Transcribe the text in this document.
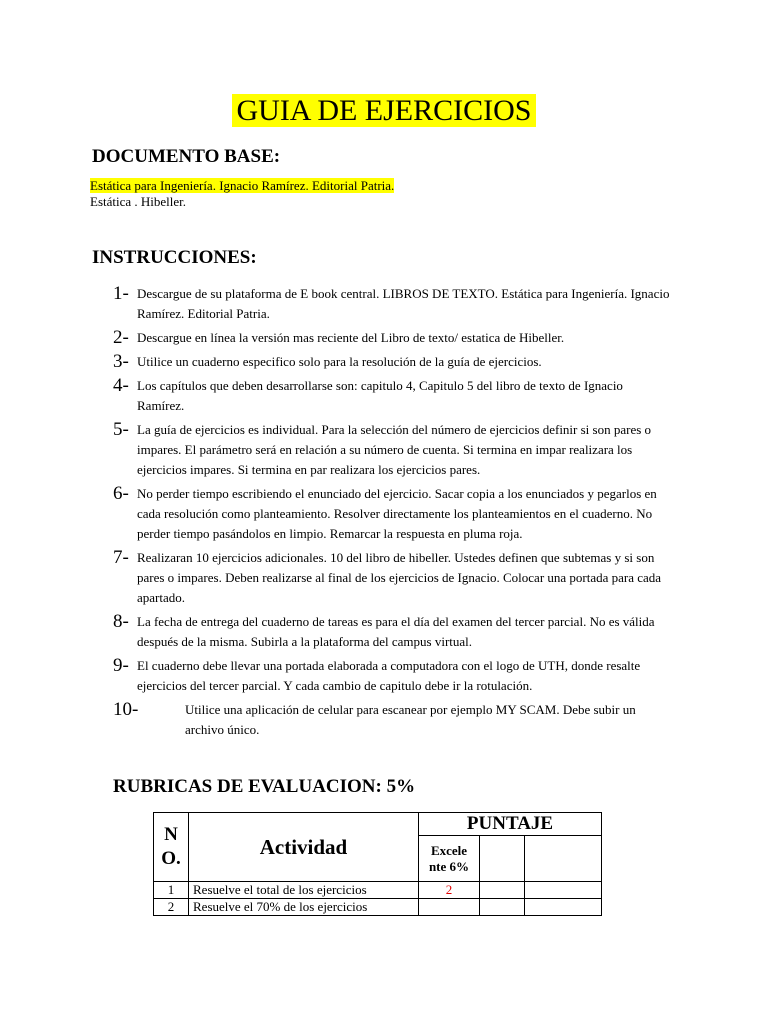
GUIA DE EJERCICIOS
DOCUMENTO BASE:
Estática para Ingeniería. Ignacio Ramírez. Editorial Patria.
Estática . Hibeller.
INSTRUCCIONES:
1- Descargue de su plataforma de E book central. LIBROS DE TEXTO. Estática para Ingeniería. Ignacio Ramírez. Editorial Patria.
2- Descargue en línea la versión mas reciente del Libro de texto/ estatica de Hibeller.
3- Utilice un cuaderno especifico solo para la resolución de la guía de ejercicios.
4- Los capítulos que deben desarrollarse son: capitulo 4, Capitulo 5 del libro de texto de Ignacio Ramírez.
5- La guía de ejercicios es individual. Para la selección del número de ejercicios definir si son pares o impares. El parámetro será en relación a su número de cuenta. Si termina en impar realizara los ejercicios impares. Si termina en par realizara los ejercicios pares.
6- No perder tiempo escribiendo el enunciado del ejercicio. Sacar copia a los enunciados y pegarlos en cada resolución como planteamiento. Resolver directamente los planteamientos en el cuaderno. No perder tiempo pasándolos en limpio. Remarcar la respuesta en pluma roja.
7- Realizaran 10 ejercicios adicionales. 10 del libro de hibeller. Ustedes definen que subtemas y si son pares o impares. Deben realizarse al final de los ejercicios de Ignacio. Colocar una portada para cada apartado.
8- La fecha de entrega del cuaderno de tareas es para el día del examen del tercer parcial. No es válida después de la misma. Subirla a la plataforma del campus virtual.
9- El cuaderno debe llevar una portada elaborada a computadora con el logo de UTH, donde resalte ejercicios del tercer parcial. Y cada cambio de capitulo debe ir la rotulación.
10-	Utilice una aplicación de celular para escanear por ejemplo MY SCAM. Debe subir un archivo único.
RUBRICAS DE EVALUACION: 5%
N O.	Actividad	PUNTAJE		
		Excele nte 6%		
1	Resuelve el total de los ejercicios	2		
2	Resuelve el 70% de los ejercicios			
